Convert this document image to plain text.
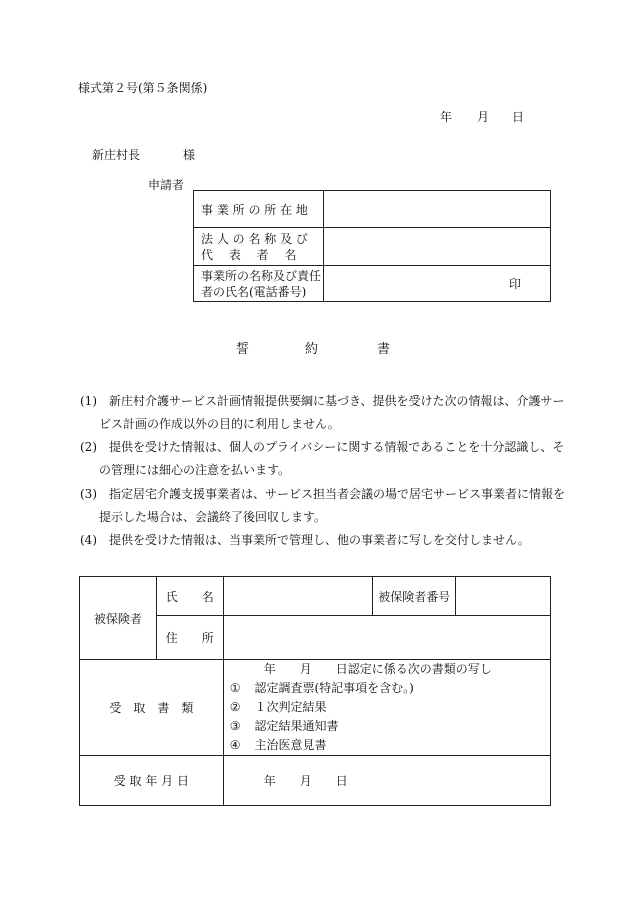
様式第２号(第５条関係)
年 月 日
新庄村長	様
申請者
事 業 所 の 所 在 地	

法 人 の 名 称 及 び
代　 表　 者　 名	

事業所の名称及び責任
者の氏名(電話番号)	印
誓	約	書
(1) 新庄村介護サービス計画情報提供要綱に基づき、提供を受けた次の情報は、介護サー
ビス計画の作成以外の目的に利用しません。
(2) 提供を受けた情報は、個人のプライバシーに関する情報であることを十分認識し、そ
の管理には細心の注意を払います。
(3) 指定居宅介護支援事業者は、サービス担当者会議の場で居宅サービス事業者に情報を
提示した場合は、会議終了後回収します。
(4) 提供を受けた情報は、当事業所で管理し、他の事業者に写しを交付しません。
被保険者	氏　　名		被保険者番号	
	住　　所			
受　取　書　類		年　　月　　日認定に係る次の書類の写し
① 認定調査票(特記事項を含む。)
② １次判定結果
③ 認定結果通知書
④ 主治医意見書		

受 取 年 月 日		年　　月　　日		
